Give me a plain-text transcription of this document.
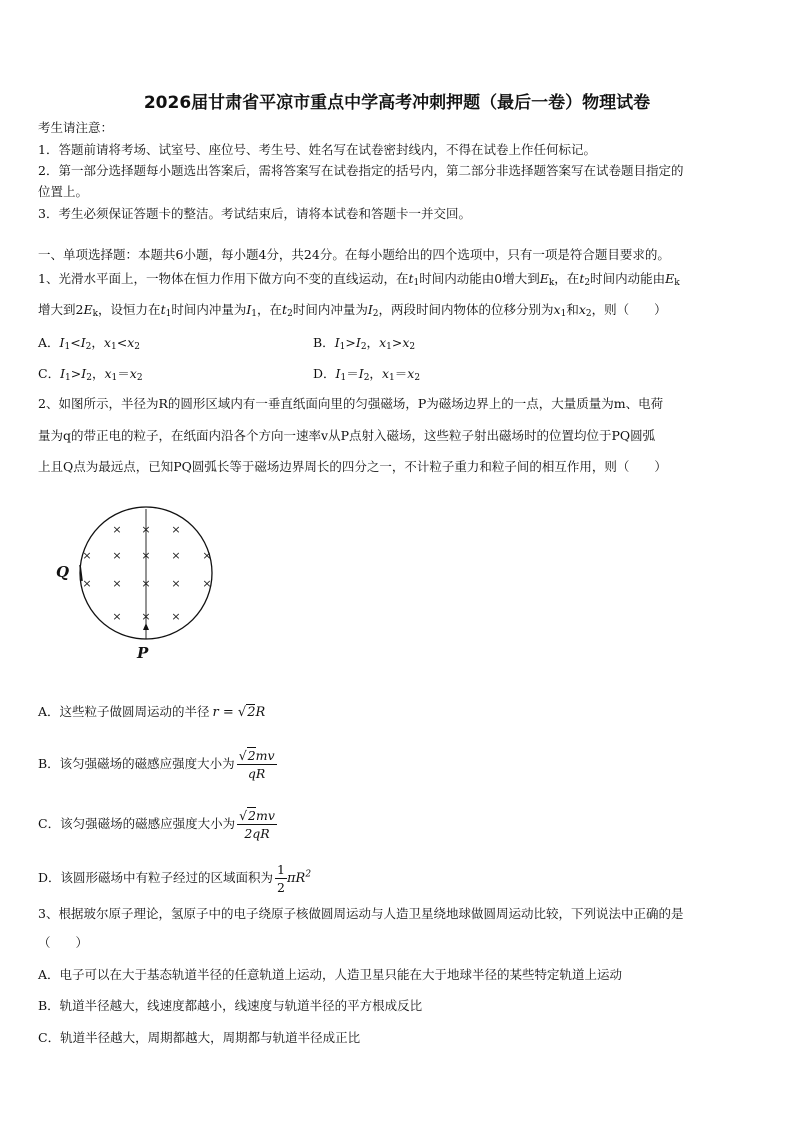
2026届甘肃省平凉市重点中学高考冲刺押题（最后一卷）物理试卷
考生请注意：
1．答题前请将考场、试室号、座位号、考生号、姓名写在试卷密封线内，不得在试卷上作任何标记。
2．第一部分选择题每小题选出答案后，需将答案写在试卷指定的括号内，第二部分非选择题答案写在试卷题目指定的
位置上。
3．考生必须保证答题卡的整洁。考试结束后，请将本试卷和答题卡一并交回。
一、单项选择题：本题共6小题，每小题4分，共24分。在每小题给出的四个选项中，只有一项是符合题目要求的。
1、光滑水平面上，一物体在恒力作用下做方向不变的直线运动，在$t_1$时间内动能由0增大到$E_k$，在$t_2$时间内动能由$E_k$
增大到$2E_k$，设恒力在$t_1$时间内冲量为$I_1$，在$t_2$时间内冲量为$I_2$，两段时间内物体的位移分别为$x_1$和$x_2$，则（　　）
A．$I_1<I_2$，$x_1<x_2$	B．$I_1>I_2$，$x_1>x_2$
C．$I_1>I_2$，$x_1=x_2$	D．$I_1=I_2$，$x_1=x_2$
2、如图所示，半径为R的圆形区域内有一垂直纸面向里的匀强磁场，P为磁场边界上的一点，大量质量为m、电荷
量为q的带正电的粒子，在纸面内沿各个方向一速率v从P点射入磁场，这些粒子射出磁场时的位置均位于PQ圆弧
上且Q点为最远点，已知PQ圆弧长等于磁场边界周长的四分之一，不计粒子重力和粒子间的相互作用，则（　　）
× × ×
× × × × ×
× × × × ×
× × ×
Q
P
A．这些粒子做圆周运动的半径 r = √2R
B．该匀强磁场的磁感应强度大小为 $\frac{√2mv}{qR}$
C．该匀强磁场的磁感应强度大小为 $\frac{√2mv}{2qR}$
D．该圆形磁场中有粒子经过的区域面积为 $\frac{1}{2} \pi R^2$
3、根据玻尔原子理论，氢原子中的电子绕原子核做圆周运动与人造卫星绕地球做圆周运动比较，下列说法中正确的是
（　　）
A．电子可以在大于基态轨道半径的任意轨道上运动，人造卫星只能在大于地球半径的某些特定轨道上运动
B．轨道半径越大，线速度都越小，线速度与轨道半径的平方根成反比
C．轨道半径越大，周期都越大，周期都与轨道半径成正比
